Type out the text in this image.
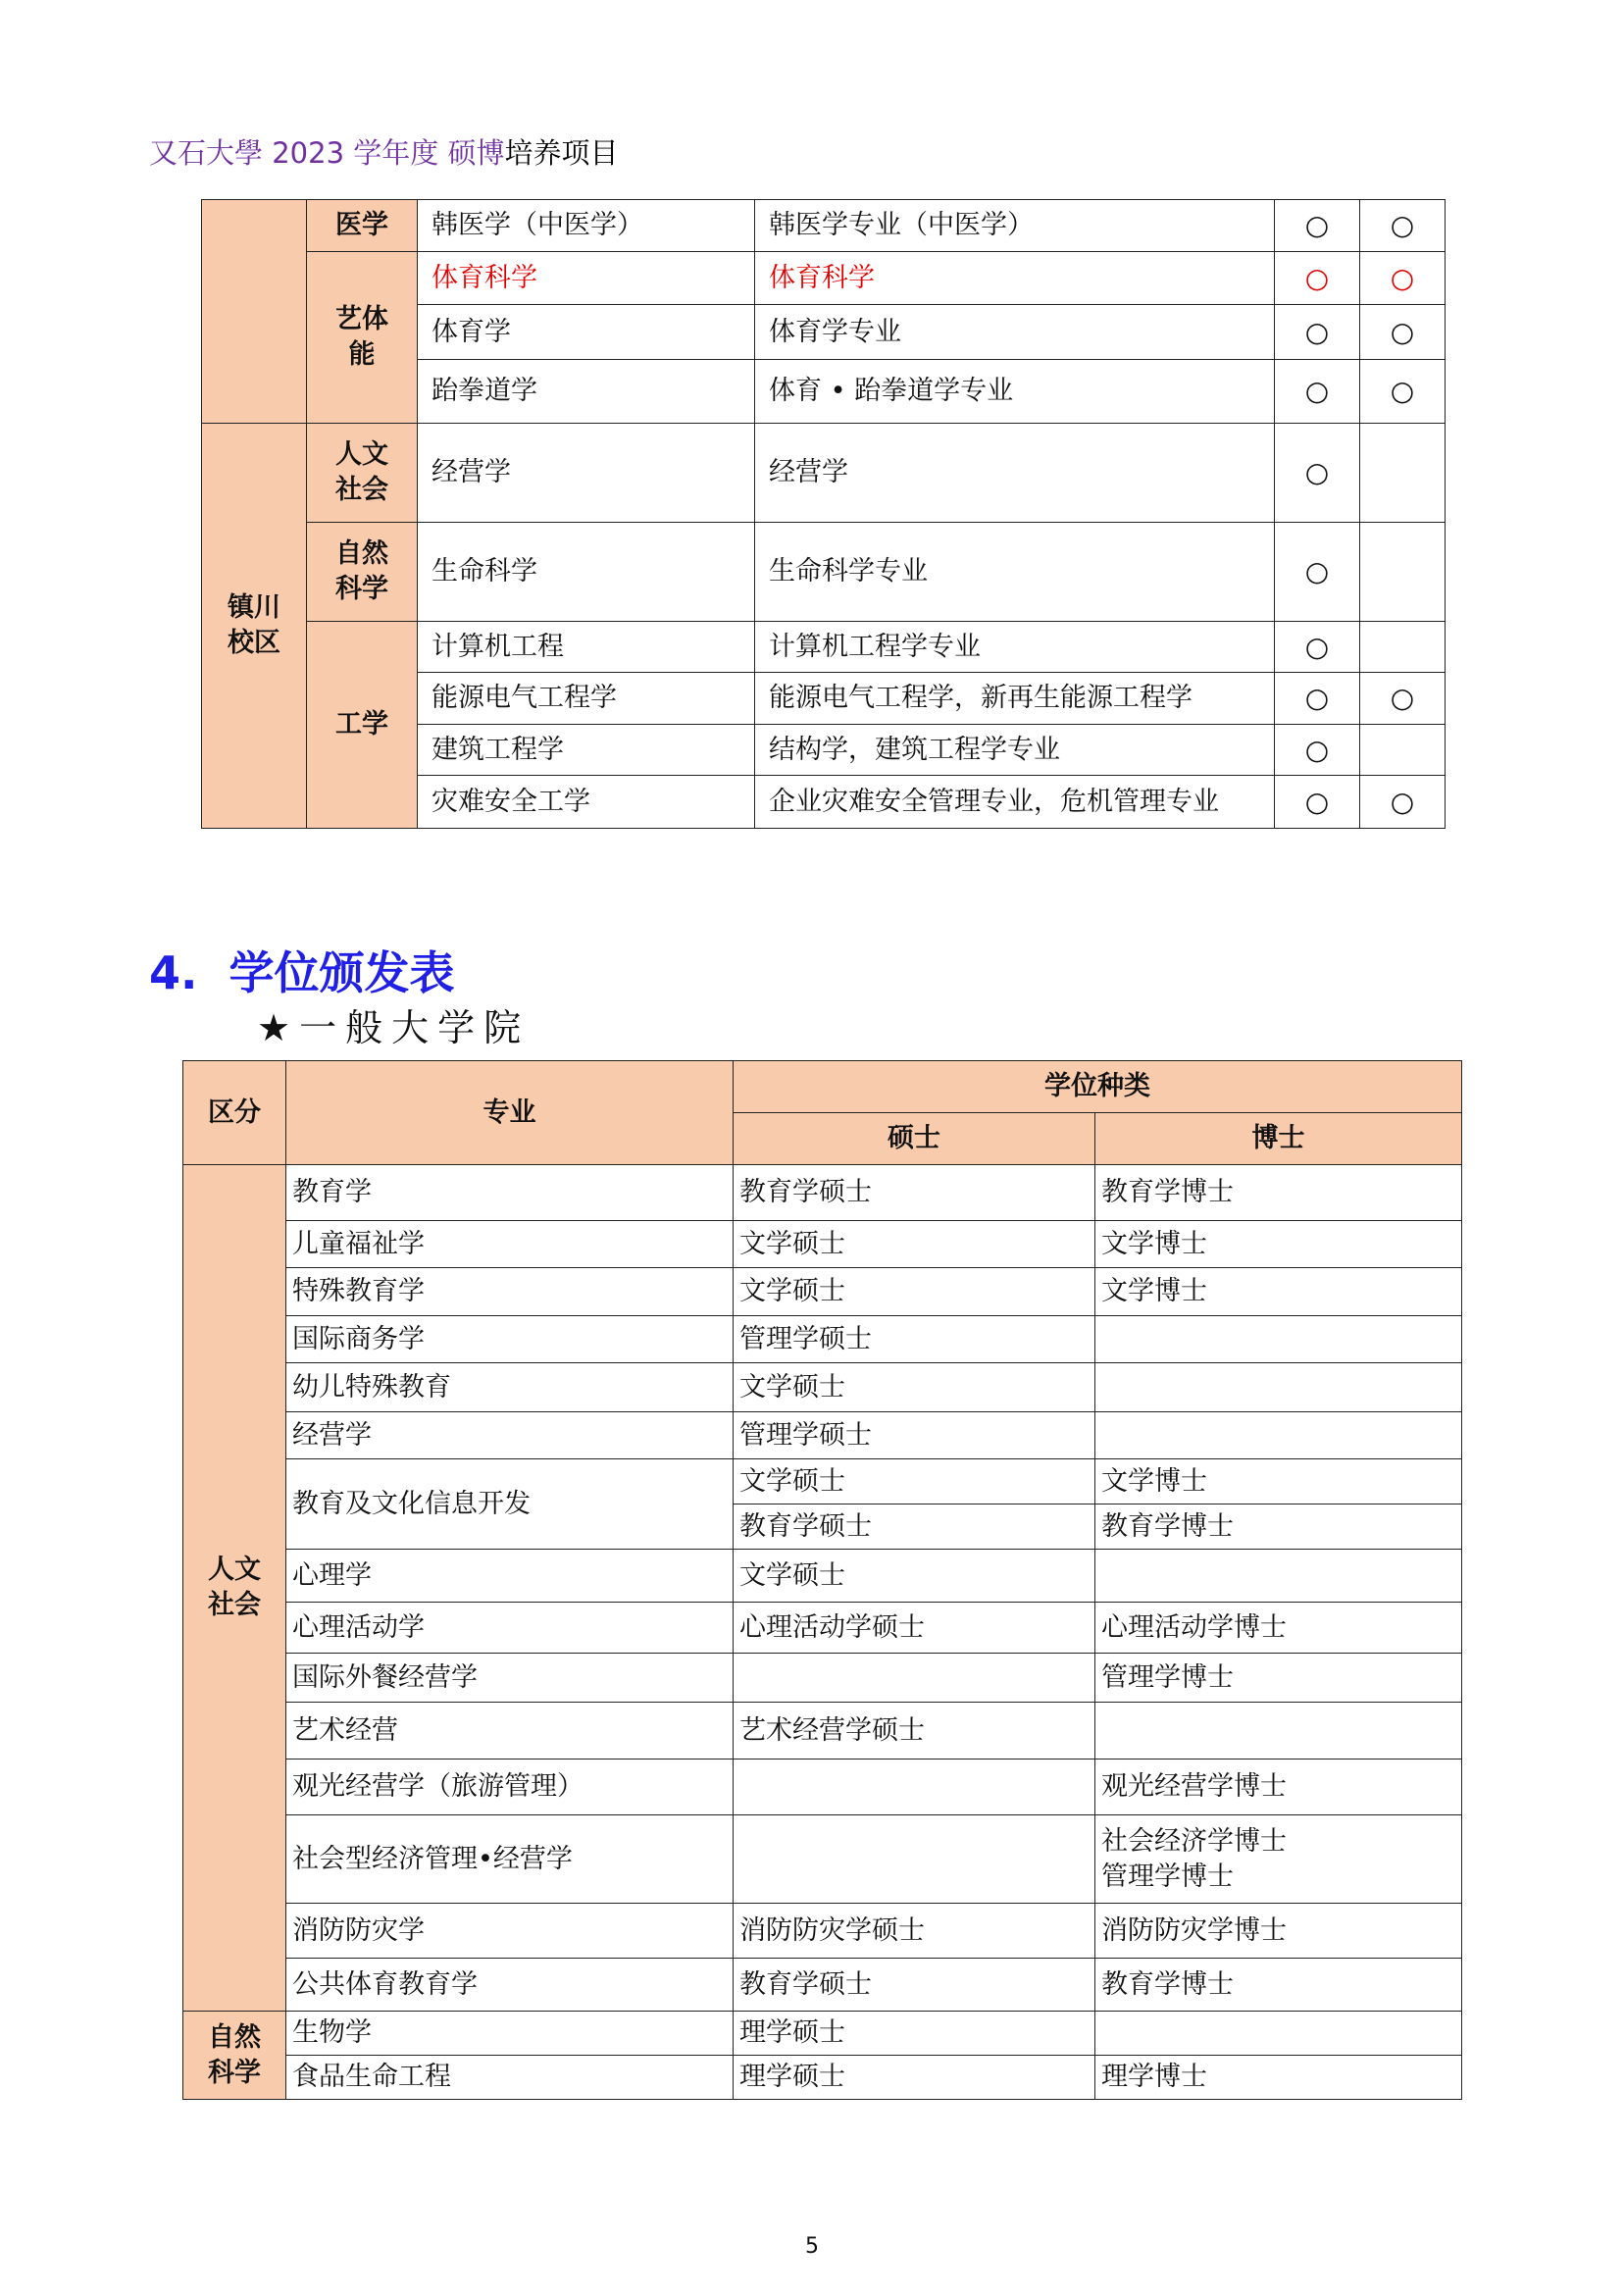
又石大學 2023 学年度 硕博培养项目
	医学	韩医学（中医学）	韩医学专业（中医学）	○	○
	艺体能	体育科学	体育科学	○	○
		体育学	体育学专业	○	○
		跆拳道学	体育 • 跆拳道学专业	○	○
镇川校区	人文社会	经营学	经营学	○	
	自然科学	生命科学	生命科学专业	○	
	工学	计算机工程	计算机工程学专业	○	
		能源电气工程学	能源电气工程学，新再生能源工程学	○	○
		建筑工程学	结构学，建筑工程学专业	○	
		灾难安全工学	企业灾难安全管理专业，危机管理专业	○	○
4. 学位颁发表
★一般大学院
区分	专业	学位种类	
		硕士	博士
人文社会	教育学	教育学硕士	教育学博士
	儿童福祉学	文学硕士	文学博士
	特殊教育学	文学硕士	文学博士
	国际商务学	管理学硕士	
	幼儿特殊教育	文学硕士	
	经营学	管理学硕士	
	教育及文化信息开发	文学硕士	文学博士
		教育学硕士	教育学博士
	心理学	文学硕士	
	心理活动学	心理活动学硕士	心理活动学博士
	国际外餐经营学		管理学博士
	艺术经营	艺术经营学硕士	
	观光经营学（旅游管理）		观光经营学博士
	社会型经济管理•经营学		社会经济学博士
管理学博士

	消防防灾学	消防防灾学硕士	消防防灾学博士
	公共体育教育学	教育学硕士	教育学博士
自然科学	生物学	理学硕士	
	食品生命工程	理学硕士	理学博士
5
